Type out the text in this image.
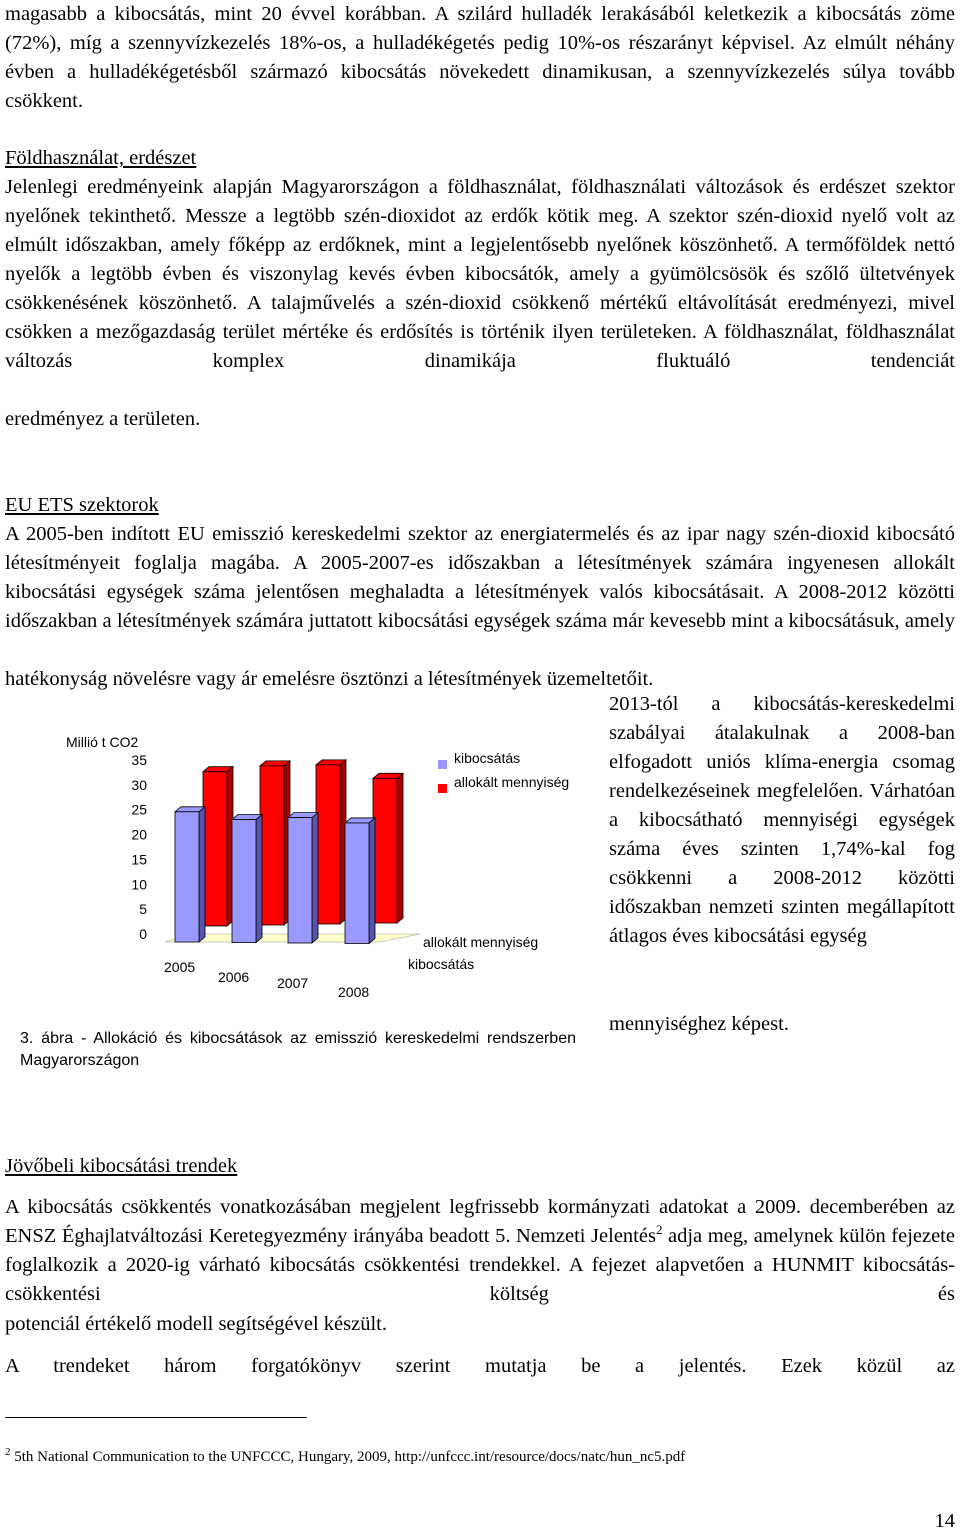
magasabb a kibocsátás, mint 20 évvel korábban. A szilárd hulladék lerakásából keletkezik a kibocsátás zöme (72%), míg a szennyvízkezelés 18%-os, a hulladékégetés pedig 10%-os részarányt képvisel. Az elmúlt néhány évben a hulladékégetésből származó kibocsátás növekedett dinamikusan, a szennyvízkezelés súlya tovább csökkent.

Földhasználat, erdészet

Jelenlegi eredményeink alapján Magyarországon a földhasználat, földhasználati változások és erdészet szektor nyelőnek tekinthető. Messze a legtöbb szén-dioxidot az erdők kötik meg. A szektor szén-dioxid nyelő volt az elmúlt időszakban, amely főképp az erdőknek, mint a legjelentősebb nyelőnek köszönhető. A termőföldek nettó nyelők a legtöbb évben és viszonylag kevés évben kibocsátók, amely a gyümölcsösök és szőlő ültetvények csökkenésének köszönhető. A talajművelés a szén-dioxid csökkenő mértékű eltávolítását eredményezi, mivel csökken a mezőgazdaság terület mértéke és erdősítés is történik ilyen területeken. A földhasználat, földhasználat változás komplex dinamikája fluktuáló tendenciát

eredményez a területen.

EU ETS szektorok

A 2005-ben indított EU emisszió kereskedelmi szektor az energiatermelés és az ipar nagy szén-dioxid kibocsátó létesítményeit foglalja magába. A 2005-2007-es időszakban a létesítmények számára ingyenesen allokált kibocsátási egységek száma jelentősen meghaladta a létesítmények valós kibocsátásait. A 2008-2012 közötti időszakban a létesítmények számára juttatott kibocsátási egységek száma már kevesebb mint a kibocsátásuk, amely

hatékonyság növelésre vagy ár emelésre ösztönzi a létesítmények üzemeltetőit.

2013-tól a kibocsátás-kereskedelmi szabályai átalakulnak a 2008-ban elfogadott uniós klíma-energia csomag rendelkezéseinek megfelelően. Várhatóan a kibocsátható mennyiségi egységek száma éves szinten 1,74%-kal fog csökkenni a 2008-2012 közötti időszakban nemzeti szinten megállapított átlagos éves kibocsátási egység

mennyiséghez képest.

Millió t CO2
0
5
10
15
20
25
30
35
2005
2006 2007
2008
kibocsátás
allokált mennyiség
allokált mennyiség
kibocsátás

3. ábra - Allokáció és kibocsátások az emisszió kereskedelmi rendszerben Magyarországon

Jövőbeli kibocsátási trendek

A kibocsátás csökkentés vonatkozásában megjelent legfrissebb kormányzati adatokat a 2009. decemberében az ENSZ Éghajlatváltozási Keretegyezmény irányába beadott 5. Nemzeti Jelentés$^2$ adja meg, amelynek külön fejezete foglalkozik a 2020-ig várható kibocsátás csökkentési trendekkel. A fejezet alapvetően a HUNMIT kibocsátás-csökkentési költség és

potenciál értékelő modell segítségével készült.

A trendeket három forgatókönyv szerint mutatja be a jelentés. Ezek közül az

$^2$ 5th National Communication to the UNFCCC, Hungary, 2009, http://unfccc.int/resource/docs/natc/hun_nc5.pdf

14
